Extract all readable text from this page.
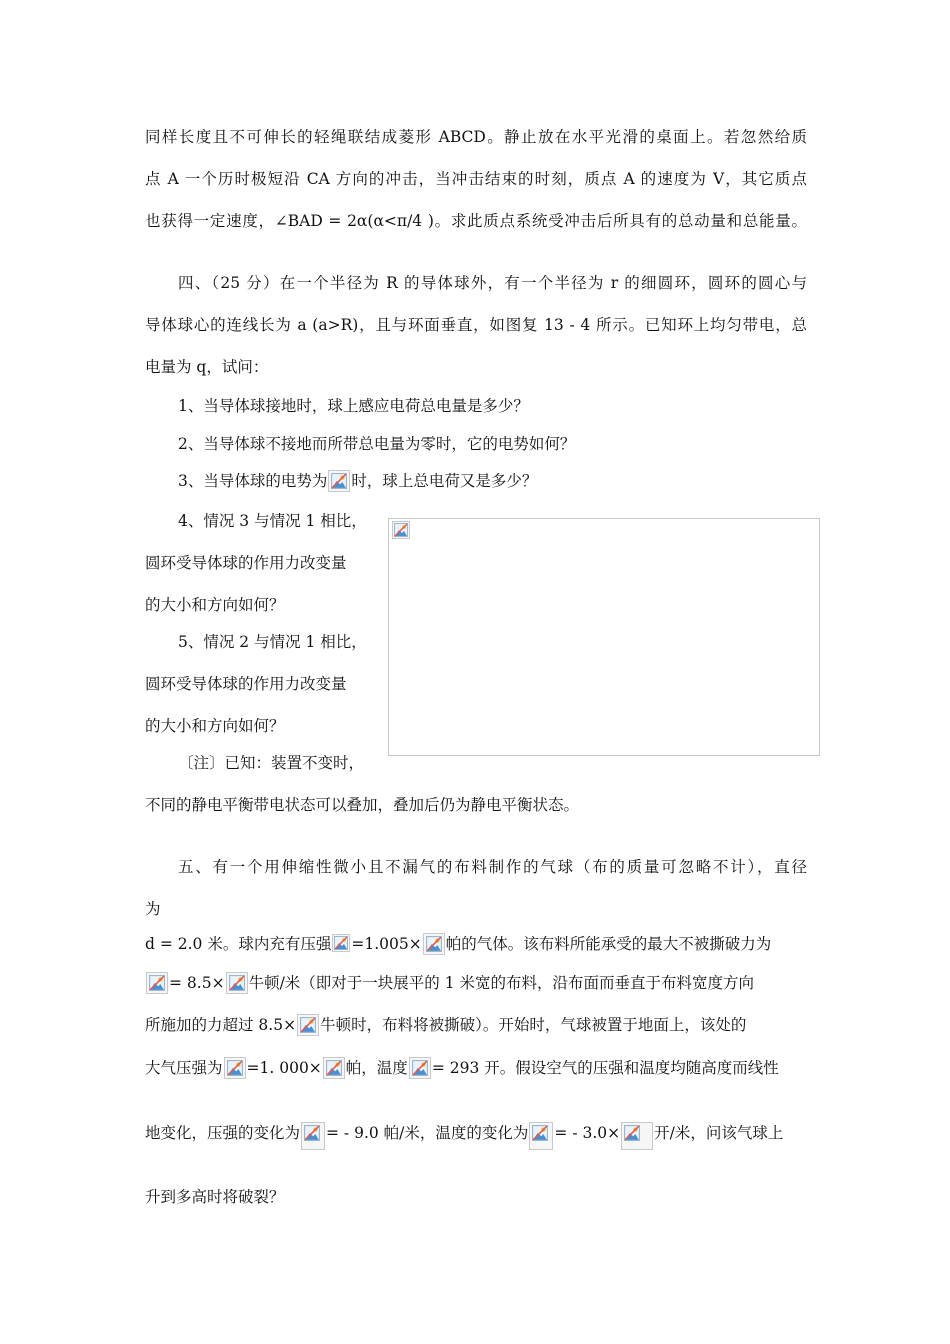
同样长度且不可伸长的轻绳联结成菱形 ABCD。静止放在水平光滑的桌面上。若忽然给质
点 A 一个历时极短沿 CA 方向的冲击，当冲击结束的时刻，质点 A 的速度为 V，其它质点
也获得一定速度，∠BAD = 2α(α<π/4 )。求此质点系统受冲击后所具有的总动量和总能量。
四、（25 分）在一个半径为 R 的导体球外，有一个半径为 r 的细圆环，圆环的圆心与
导体球心的连线长为 a (a>R)，且与环面垂直，如图复 13 - 4 所示。已知环上均匀带电，总
电量为 q，试问：
1、当导体球接地时，球上感应电荷总电量是多少？
2、当导体球不接地而所带总电量为零时，它的电势如何？
3、当导体球的电势为 时，球上总电荷又是多少？
4、情况 3 与情况 1 相比，
圆环受导体球的作用力改变量
的大小和方向如何？
5、情况 2 与情况 1 相比，
圆环受导体球的作用力改变量
的大小和方向如何？
〔注〕已知：装置不变时，
不同的静电平衡带电状态可以叠加，叠加后仍为静电平衡状态。
五、有一个用伸缩性微小且不漏气的布料制作的气球（布的质量可忽略不计），直径
为
d = 2.0 米。球内充有压强 =1.005× 帕的气体。该布料所能承受的最大不被撕破力为
= 8.5× 牛顿/米（即对于一块展平的 1 米宽的布料，沿布面而垂直于布料宽度方向
所施加的力超过 8.5× 牛顿时，布料将被撕破）。开始时，气球被置于地面上，该处的
大气压强为 =1. 000× 帕，温度 = 293 开。假设空气的压强和温度均随高度而线性
地变化，压强的变化为 = - 9.0 帕/米，温度的变化为 = - 3.0× 开/米，问该气球上
升到多高时将破裂？
